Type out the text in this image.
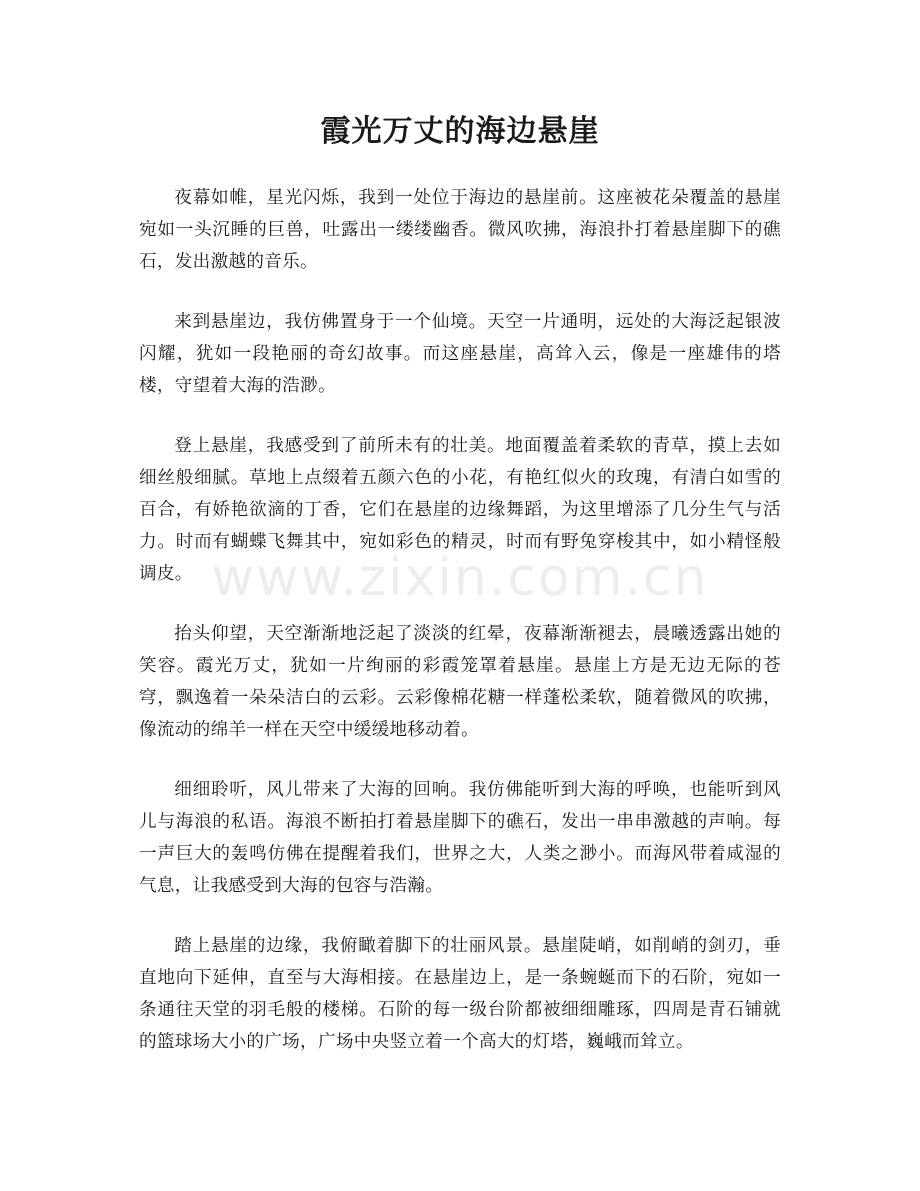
霞光万丈的海边悬崖

夜幕如帷，星光闪烁，我到一处位于海边的悬崖前。这座被花朵覆盖的悬崖宛如一头沉睡的巨兽，吐露出一缕缕幽香。微风吹拂，海浪扑打着悬崖脚下的礁石，发出激越的音乐。

来到悬崖边，我仿佛置身于一个仙境。天空一片通明，远处的大海泛起银波闪耀，犹如一段艳丽的奇幻故事。而这座悬崖，高耸入云，像是一座雄伟的塔楼，守望着大海的浩渺。

登上悬崖，我感受到了前所未有的壮美。地面覆盖着柔软的青草，摸上去如细丝般细腻。草地上点缀着五颜六色的小花，有艳红似火的玫瑰，有清白如雪的百合，有娇艳欲滴的丁香，它们在悬崖的边缘舞蹈，为这里增添了几分生气与活力。时而有蝴蝶飞舞其中，宛如彩色的精灵，时而有野兔穿梭其中，如小精怪般调皮。

抬头仰望，天空渐渐地泛起了淡淡的红晕，夜幕渐渐褪去，晨曦透露出她的笑容。霞光万丈，犹如一片绚丽的彩霞笼罩着悬崖。悬崖上方是无边无际的苍穹，飘逸着一朵朵洁白的云彩。云彩像棉花糖一样蓬松柔软，随着微风的吹拂，像流动的绵羊一样在天空中缓缓地移动着。

细细聆听，风儿带来了大海的回响。我仿佛能听到大海的呼唤，也能听到风儿与海浪的私语。海浪不断拍打着悬崖脚下的礁石，发出一串串激越的声响。每一声巨大的轰鸣仿佛在提醒着我们，世界之大，人类之渺小。而海风带着咸湿的气息，让我感受到大海的包容与浩瀚。

踏上悬崖的边缘，我俯瞰着脚下的壮丽风景。悬崖陡峭，如削峭的剑刃，垂直地向下延伸，直至与大海相接。在悬崖边上，是一条蜿蜒而下的石阶，宛如一条通往天堂的羽毛般的楼梯。石阶的每一级台阶都被细细雕琢，四周是青石铺就的篮球场大小的广场，广场中央竖立着一个高大的灯塔，巍峨而耸立。

www.zixin.com.cn
